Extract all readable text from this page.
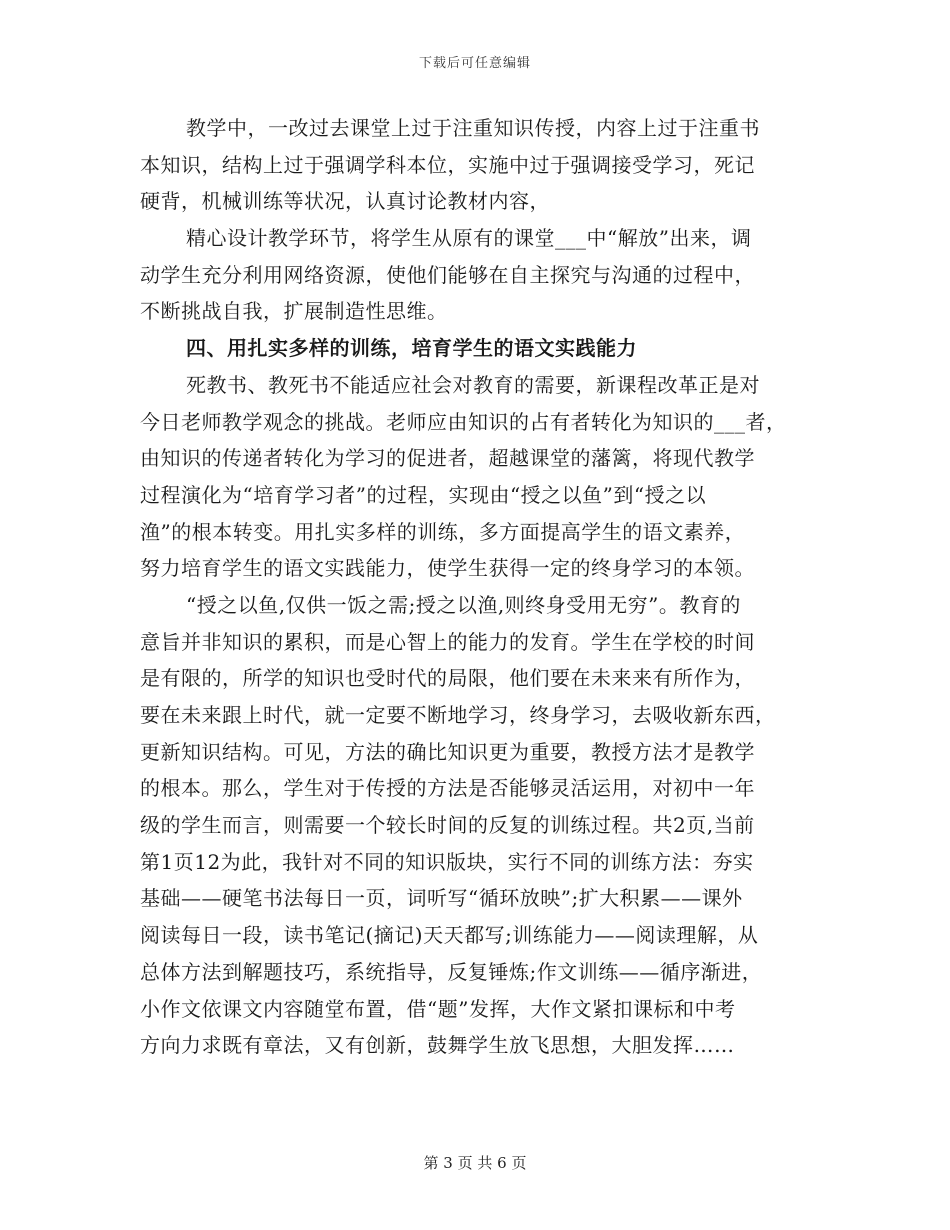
下载后可任意编辑
教学中，一改过去课堂上过于注重知识传授，内容上过于注重书
本知识，结构上过于强调学科本位，实施中过于强调接受学习，死记
硬背，机械训练等状况，认真讨论教材内容，
精心设计教学环节，将学生从原有的课堂___中“解放”出来，调
动学生充分利用网络资源，使他们能够在自主探究与沟通的过程中，
不断挑战自我，扩展制造性思维。
四、用扎实多样的训练，培育学生的语文实践能力
死教书、教死书不能适应社会对教育的需要，新课程改革正是对
今日老师教学观念的挑战。老师应由知识的占有者转化为知识的___者，
由知识的传递者转化为学习的促进者，超越课堂的藩篱，将现代教学
过程演化为“培育学习者”的过程，实现由“授之以鱼”到“授之以
渔”的根本转变。用扎实多样的训练，多方面提高学生的语文素养，
努力培育学生的语文实践能力，使学生获得一定的终身学习的本领。
“授之以鱼,仅供一饭之需;授之以渔,则终身受用无穷”。教育的
意旨并非知识的累积，而是心智上的能力的发育。学生在学校的时间
是有限的，所学的知识也受时代的局限，他们要在未来来有所作为，
要在未来跟上时代，就一定要不断地学习，终身学习，去吸收新东西，
更新知识结构。可见，方法的确比知识更为重要，教授方法才是教学
的根本。那么，学生对于传授的方法是否能够灵活运用，对初中一年
级的学生而言，则需要一个较长时间的反复的训练过程。共2页,当前
第1页12为此，我针对不同的知识版块，实行不同的训练方法：夯实
基础——硬笔书法每日一页，词听写“循环放映”;扩大积累——课外
阅读每日一段，读书笔记(摘记)天天都写;训练能力——阅读理解，从
总体方法到解题技巧，系统指导，反复锤炼;作文训练——循序渐进，
小作文依课文内容随堂布置，借“题”发挥，大作文紧扣课标和中考
方向力求既有章法，又有创新，鼓舞学生放飞思想，大胆发挥……
第 3 页 共 6 页
